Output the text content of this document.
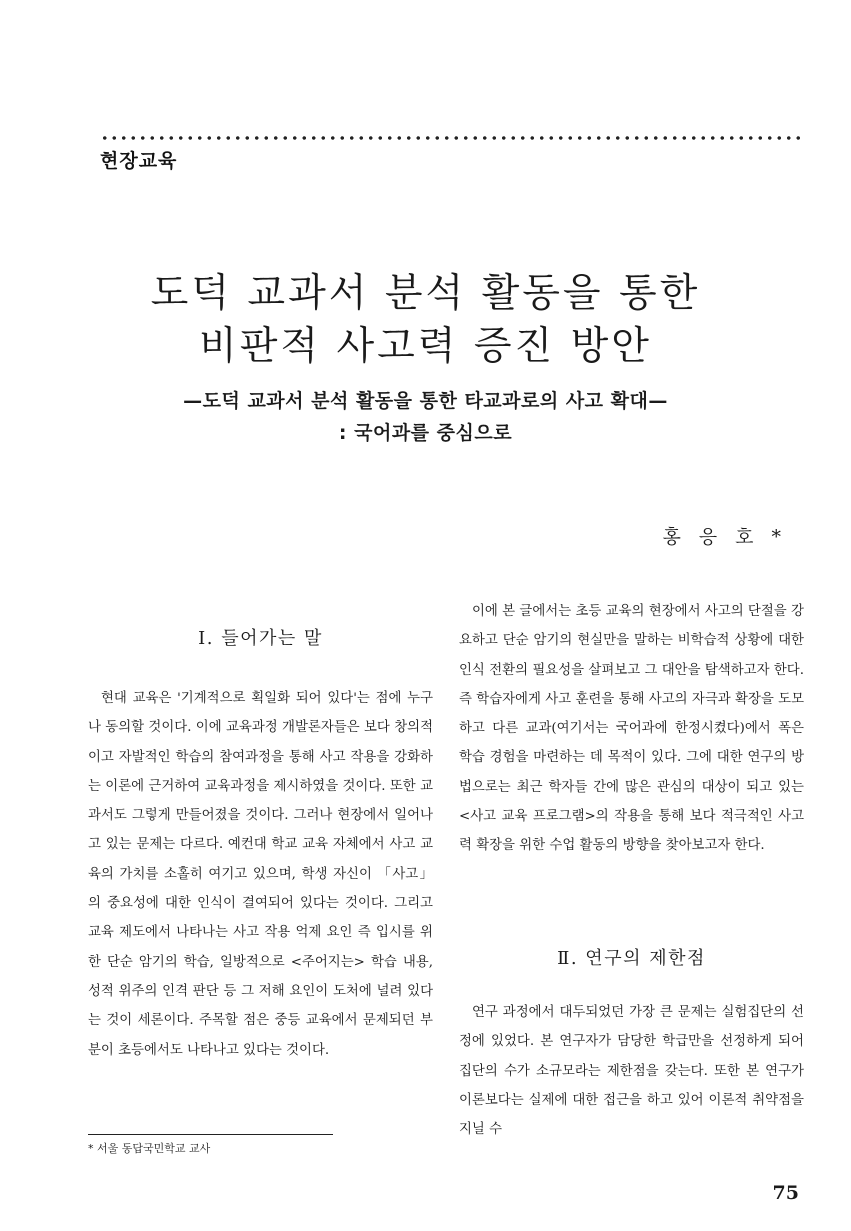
현장교육
도덕 교과서 분석 활동을 통한
비판적 사고력 증진 방안
—도덕 교과서 분석 활동을 통한 타교과로의 사고 확대—
: 국어과를 중심으로
홍응호*
Ⅰ. 들어가는 말

현대 교육은 '기계적으로 획일화 되어 있다'는 점에 누구나 동의할 것이다. 이에 교육과정 개발론자들은 보다 창의적이고 자발적인 학습의 참여과정을 통해 사고 작용을 강화하는 이론에 근거하여 교육과정을 제시하였을 것이다. 또한 교과서도 그렇게 만들어졌을 것이다. 그러나 현장에서 일어나고 있는 문제는 다르다. 예컨대 학교 교육 자체에서 사고 교육의 가치를 소홀히 여기고 있으며, 학생 자신이 「사고」의 중요성에 대한 인식이 결여되어 있다는 것이다. 그리고 교육 제도에서 나타나는 사고 작용 억제 요인 즉 입시를 위한 단순 암기의 학습, 일방적으로 <주어지는> 학습 내용, 성적 위주의 인격 판단 등 그 저해 요인이 도처에 널려 있다는 것이 세론이다. 주목할 점은 중등 교육에서 문제되던 부분이 초등에서도 나타나고 있다는 것이다.

이에 본 글에서는 초등 교육의 현장에서 사고의 단절을 강요하고 단순 암기의 현실만을 말하는 비학습적 상황에 대한 인식 전환의 필요성을 살펴보고 그 대안을 탐색하고자 한다. 즉 학습자에게 사고 훈련을 통해 사고의 자극과 확장을 도모하고 다른 교과(여기서는 국어과에 한정시켰다)에서 폭은 학습 경험을 마련하는 데 목적이 있다. 그에 대한 연구의 방법으로는 최근 학자들 간에 많은 관심의 대상이 되고 있는 <사고 교육 프로그램>의 작용을 통해 보다 적극적인 사고력 확장을 위한 수업 활동의 방향을 찾아보고자 한다.

Ⅱ. 연구의 제한점

연구 과정에서 대두되었던 가장 큰 문제는 실험집단의 선정에 있었다. 본 연구자가 담당한 학급만을 선정하게 되어 집단의 수가 소규모라는 제한점을 갖는다. 또한 본 연구가 이론보다는 실제에 대한 접근을 하고 있어 이론적 취약점을 지닐 수

* 서울 동답국민학교 교사
75
